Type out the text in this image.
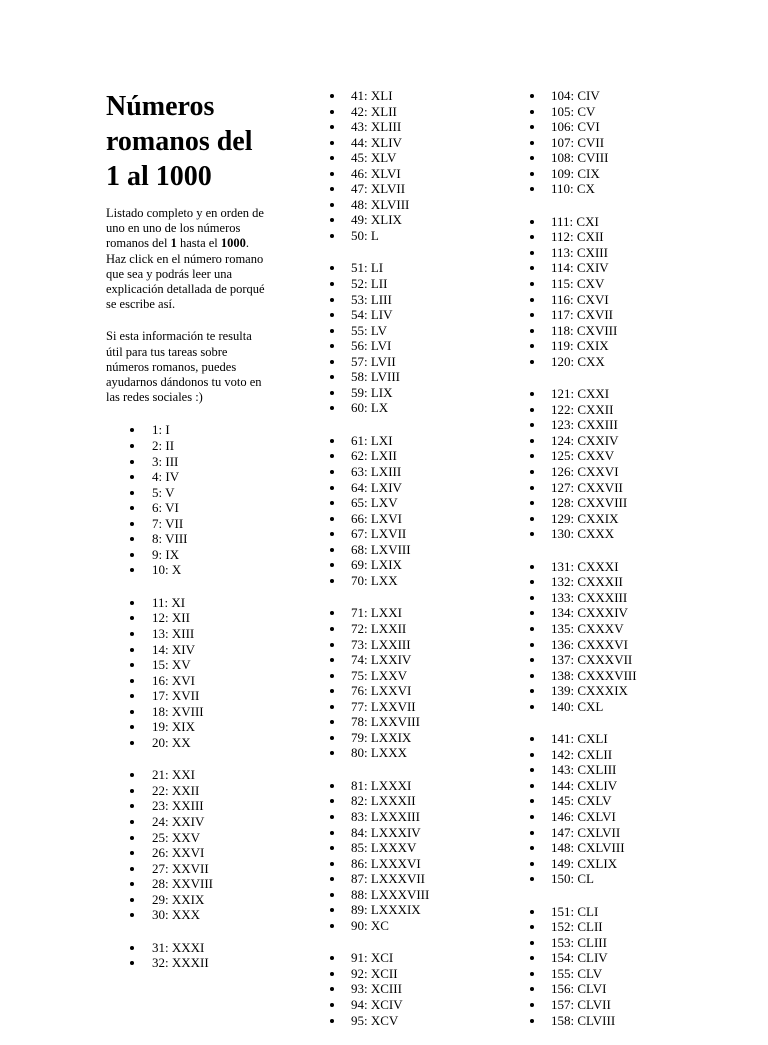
Números romanos del 1 al 1000

Listado completo y en orden de uno en uno de los números romanos del 1 hasta el 1000. Haz click en el número romano que sea y podrás leer una explicación detallada de porqué se escribe así.

Si esta información te resulta útil para tus tareas sobre números romanos, puedes ayudarnos dándonos tu voto en las redes sociales :)

1: I
2: II
3: III
4: IV
5: V
6: VI
7: VII
8: VIII
9: IX
10: X
11: XI
12: XII
13: XIII
14: XIV
15: XV
16: XVI
17: XVII
18: XVIII
19: XIX
20: XX
21: XXI
22: XXII
23: XXIII
24: XXIV
25: XXV
26: XXVI
27: XXVII
28: XXVIII
29: XXIX
30: XXX
31: XXXI
32: XXXII
41: XLI
42: XLII
43: XLIII
44: XLIV
45: XLV
46: XLVI
47: XLVII
48: XLVIII
49: XLIX
50: L
51: LI
52: LII
53: LIII
54: LIV
55: LV
56: LVI
57: LVII
58: LVIII
59: LIX
60: LX
61: LXI
62: LXII
63: LXIII
64: LXIV
65: LXV
66: LXVI
67: LXVII
68: LXVIII
69: LXIX
70: LXX
71: LXXI
72: LXXII
73: LXXIII
74: LXXIV
75: LXXV
76: LXXVI
77: LXXVII
78: LXXVIII
79: LXXIX
80: LXXX
81: LXXXI
82: LXXXII
83: LXXXIII
84: LXXXIV
85: LXXXV
86: LXXXVI
87: LXXXVII
88: LXXXVIII
89: LXXXIX
90: XC
91: XCI
92: XCII
93: XCIII
94: XCIV
95: XCV
104: CIV
105: CV
106: CVI
107: CVII
108: CVIII
109: CIX
110: CX
111: CXI
112: CXII
113: CXIII
114: CXIV
115: CXV
116: CXVI
117: CXVII
118: CXVIII
119: CXIX
120: CXX
121: CXXI
122: CXXII
123: CXXIII
124: CXXIV
125: CXXV
126: CXXVI
127: CXXVII
128: CXXVIII
129: CXXIX
130: CXXX
131: CXXXI
132: CXXXII
133: CXXXIII
134: CXXXIV
135: CXXXV
136: CXXXVI
137: CXXXVII
138: CXXXVIII
139: CXXXIX
140: CXL
141: CXLI
142: CXLII
143: CXLIII
144: CXLIV
145: CXLV
146: CXLVI
147: CXLVII
148: CXLVIII
149: CXLIX
150: CL
151: CLI
152: CLII
153: CLIII
154: CLIV
155: CLV
156: CLVI
157: CLVII
158: CLVIII
